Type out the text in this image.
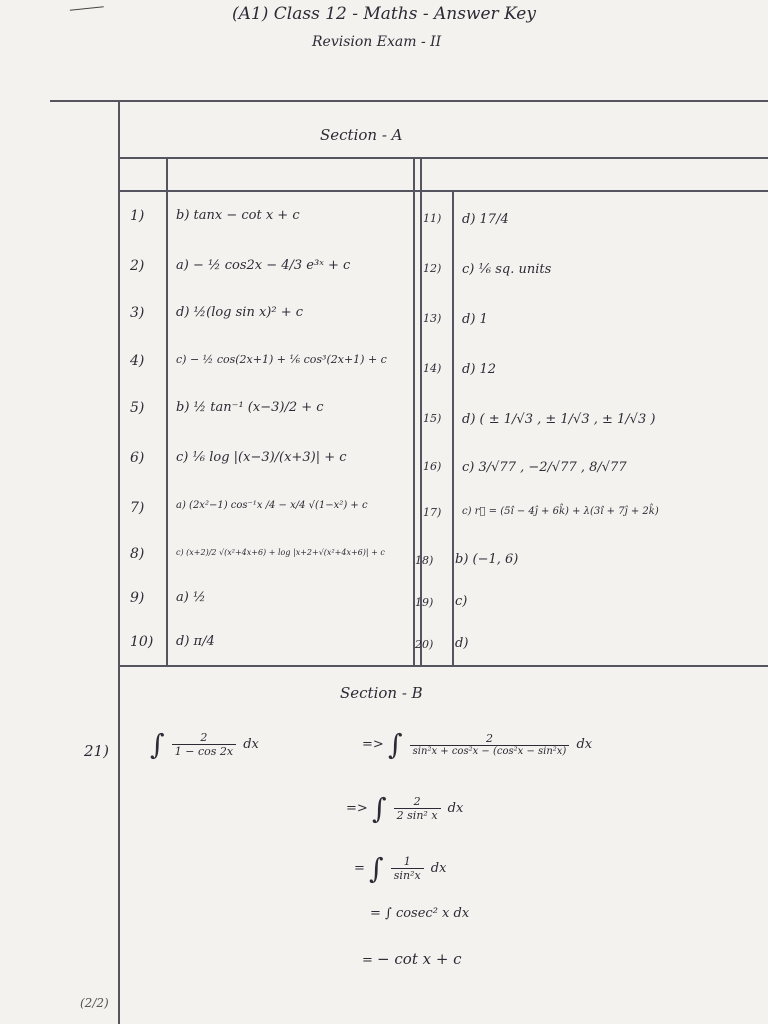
(A1) Class 12 - Maths - Answer Key
Revision Exam - II
Section - A
1) b) tanx − cot x + c
2) a) − ½ cos2x − 4/3 e³ˣ + c
3) d) ½(log sin x)² + c
4)	c) − ½ cos(2x+1) + ⅙ cos³(2x+1) + c
5) b) ½ tan⁻¹ (x−3)/2 + c
6) c) ⅙ log |(x−3)/(x+3)| + c
7)	a) (2x²−1) cos⁻¹x /4 − x/4 √(1−x²) + c
8)	c) (x+2)/2 √(x²+4x+6) + log |x+2+√(x²+4x+6)| + c
9) a) ½
10) d) π/4
11) d) 17/4
12) c) ⅙ sq. units
13) d) 1
14) d) 12
15) d) ( ± 1/√3 , ± 1/√3 , ± 1/√3 )
16) c) 3/√77 , −2/√77 , 8/√77
17) c) r⃗ = (5î − 4ĵ + 6k̂) + λ(3î + 7ĵ + 2k̂)
18) b) (−1, 6)
19) c)
20) d)
Section - B
21) ∫ $\frac{2}{1 - \cos 2x}$ dx	=> ∫ $\frac{2}{\text{sin²x + cos²x − (cos²x − sin²x)}}$ dx
=> ∫ $\frac{2}{\text{2 sin² x}}$ dx
= ∫ $\frac{1}{\text{sin²x}}$ dx
= ∫ cosec² x dx
= − cot x + c
(2/2)
